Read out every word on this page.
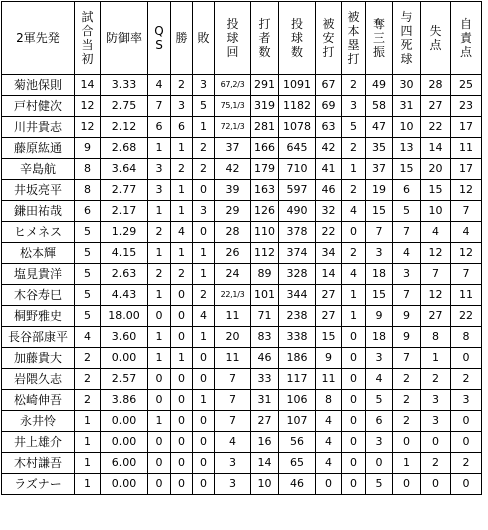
2軍先発	試合当初	防御率	QS	勝	敗	投球回	打者数	投球数	被安打	被本塁打	奪三振	与四死球	失点	自責点
菊池保則	14	3.33	4	2	3	67,2/3	291	1091	67	2	49	30	28	25
戸村健次	12	2.75	7	3	5	75,1/3	319	1182	69	3	58	31	27	23
川井貴志	12	2.12	6	6	1	72,1/3	281	1078	63	5	47	10	22	17
藤原紘通	9	2.68	1	1	2	37	166	645	42	2	35	13	14	11
辛島航	8	3.64	3	2	2	42	179	710	41	1	37	15	20	17
井坂亮平	8	2.77	3	1	0	39	163	597	46	2	19	6	15	12
鎌田祐哉	6	2.17	1	1	3	29	126	490	32	4	15	5	10	7
ヒメネス	5	1.29	2	4	0	28	110	378	22	0	7	7	4	4
松本輝	5	4.15	1	1	1	26	112	374	34	2	3	4	12	12
塩見貴洋	5	2.63	2	2	1	24	89	328	14	4	18	3	7	7
木谷寿巳	5	4.43	1	0	2	22,1/3	101	344	27	1	15	7	12	11
桐野雅史	5	18.00	0	0	4	11	71	238	27	1	9	9	27	22
長谷部康平	4	3.60	1	0	1	20	83	338	15	0	18	9	8	8
加藤貴大	2	0.00	1	1	0	11	46	186	9	0	3	7	1	0
岩隈久志	2	2.57	0	0	0	7	33	117	11	0	4	2	2	2
松崎伸吾	2	3.86	0	0	1	7	31	106	8	0	5	2	3	3
永井怜	1	0.00	1	0	0	7	27	107	4	0	6	2	3	0
井上雄介	1	0.00	0	0	0	4	16	56	4	0	3	0	0	0
木村謙吾	1	6.00	0	0	0	3	14	65	4	0	0	1	2	2
ラズナー	1	0.00	0	0	0	3	10	46	0	0	5	0	0	0
